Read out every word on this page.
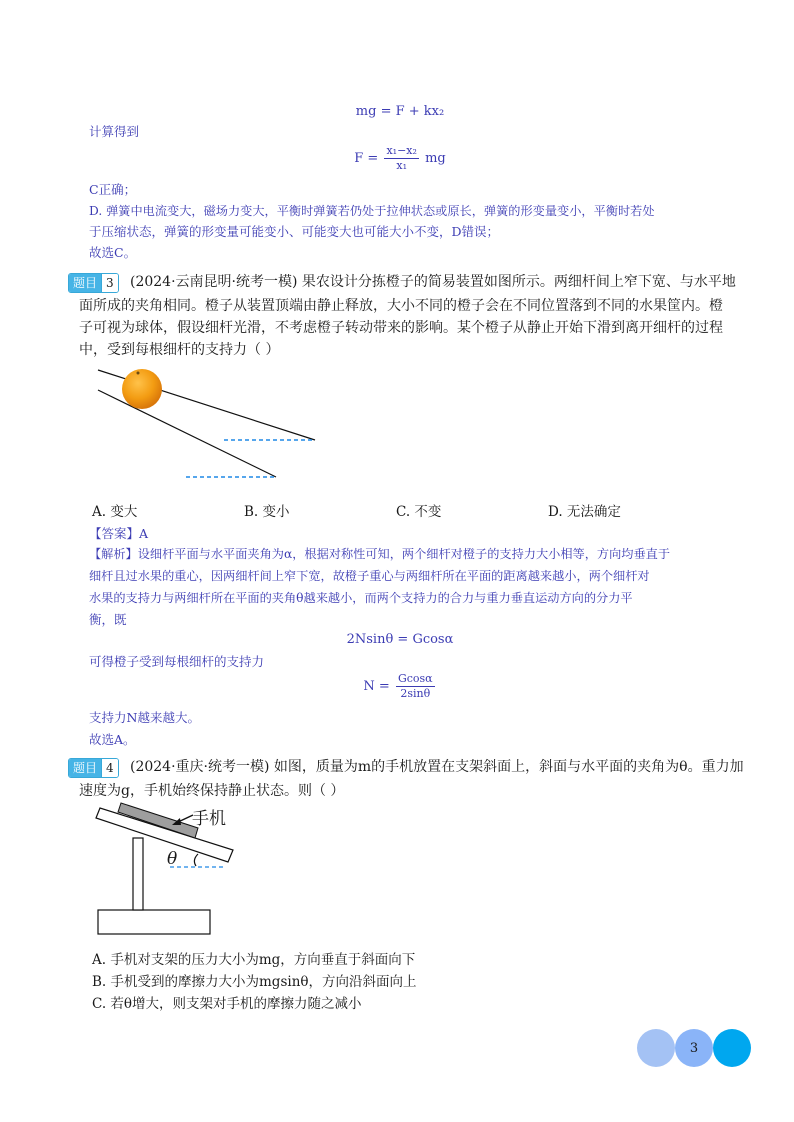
mg = F + kx₂
计算得到
$F = \frac{\text{x₁−x₂}}{\text{x₁}}$ mg
C正确；
D. 弹簧中电流变大，磁场力变大，平衡时弹簧若仍处于拉伸状态或原长，弹簧的形变量变小，平衡时若处
于压缩状态，弹簧的形变量可能变小、可能变大也可能大小不变，D错误；
故选C。
题目 3 (2024·云南昆明·统考一模) 果农设计分拣橙子的简易装置如图所示。两细杆间上窄下宽、与水平地
面所成的夹角相同。橙子从装置顶端由静止释放，大小不同的橙子会在不同位置落到不同的水果筐内。橙
子可视为球体，假设细杆光滑，不考虑橙子转动带来的影响。某个橙子从静止开始下滑到离开细杆的过程
中，受到每根细杆的支持力（ ）
A. 变大	B. 变小	C. 不变	D. 无法确定
【答案】A
【解析】设细杆平面与水平面夹角为α，根据对称性可知，两个细杆对橙子的支持力大小相等，方向均垂直于
细杆且过水果的重心，因两细杆间上窄下宽，故橙子重心与两细杆所在平面的距离越来越小，两个细杆对
水果的支持力与两细杆所在平面的夹角θ越来越小，而两个支持力的合力与重力垂直运动方向的分力平
衡，既
2Nsinθ = Gcosα
可得橙子受到每根细杆的支持力
$N = \frac{Gcos\alpha}{2\sin\theta}$
支持力N越来越大。
故选A。
题目 4 (2024·重庆·统考一模) 如图，质量为m的手机放置在支架斜面上，斜面与水平面的夹角为θ。重力加
速度为g，手机始终保持静止状态。则（ ）
手机
θ
A. 手机对支架的压力大小为mg，方向垂直于斜面向下
B. 手机受到的摩擦力大小为mgsinθ，方向沿斜面向上
C. 若θ增大，则支架对手机的摩擦力随之减小
3
